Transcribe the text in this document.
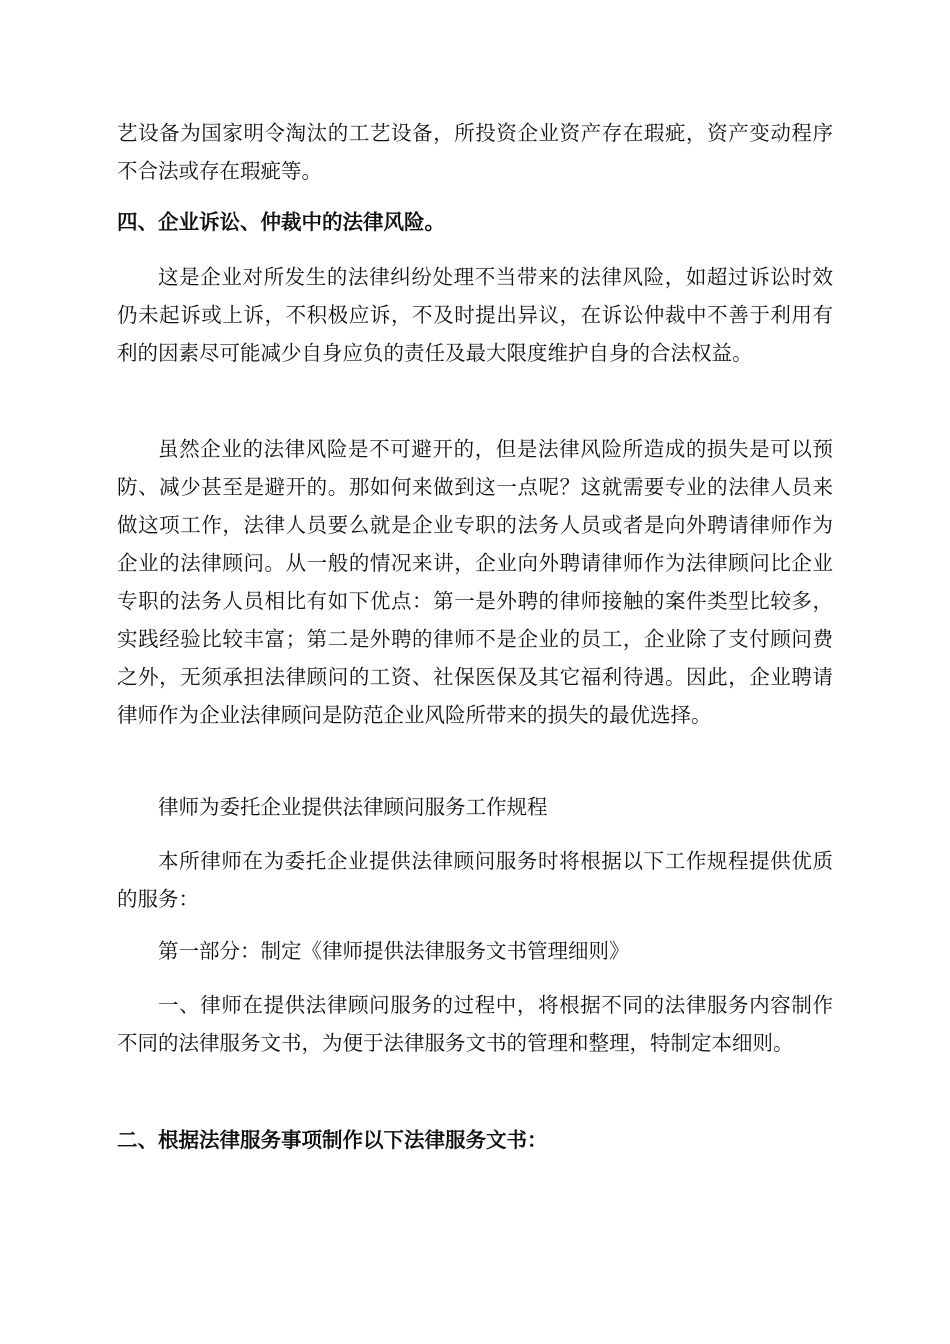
艺设备为国家明令淘汰的工艺设备，所投资企业资产存在瑕疵，资产变动程序不合法或存在瑕疵等。

四、企业诉讼、仲裁中的法律风险。

这是企业对所发生的法律纠纷处理不当带来的法律风险，如超过诉讼时效仍未起诉或上诉，不积极应诉，不及时提出异议，在诉讼仲裁中不善于利用有利的因素尽可能减少自身应负的责任及最大限度维护自身的合法权益。

虽然企业的法律风险是不可避开的，但是法律风险所造成的损失是可以预防、减少甚至是避开的。那如何来做到这一点呢？这就需要专业的法律人员来做这项工作，法律人员要么就是企业专职的法务人员或者是向外聘请律师作为企业的法律顾问。从一般的情况来讲，企业向外聘请律师作为法律顾问比企业专职的法务人员相比有如下优点：第一是外聘的律师接触的案件类型比较多，实践经验比较丰富；第二是外聘的律师不是企业的员工，企业除了支付顾问费之外，无须承担法律顾问的工资、社保医保及其它福利待遇。因此，企业聘请律师作为企业法律顾问是防范企业风险所带来的损失的最优选择。

律师为委托企业提供法律顾问服务工作规程

本所律师在为委托企业提供法律顾问服务时将根据以下工作规程提供优质的服务：

第一部分：制定《律师提供法律服务文书管理细则》

一、律师在提供法律顾问服务的过程中，将根据不同的法律服务内容制作不同的法律服务文书，为便于法律服务文书的管理和整理，特制定本细则。

二、根据法律服务事项制作以下法律服务文书：
